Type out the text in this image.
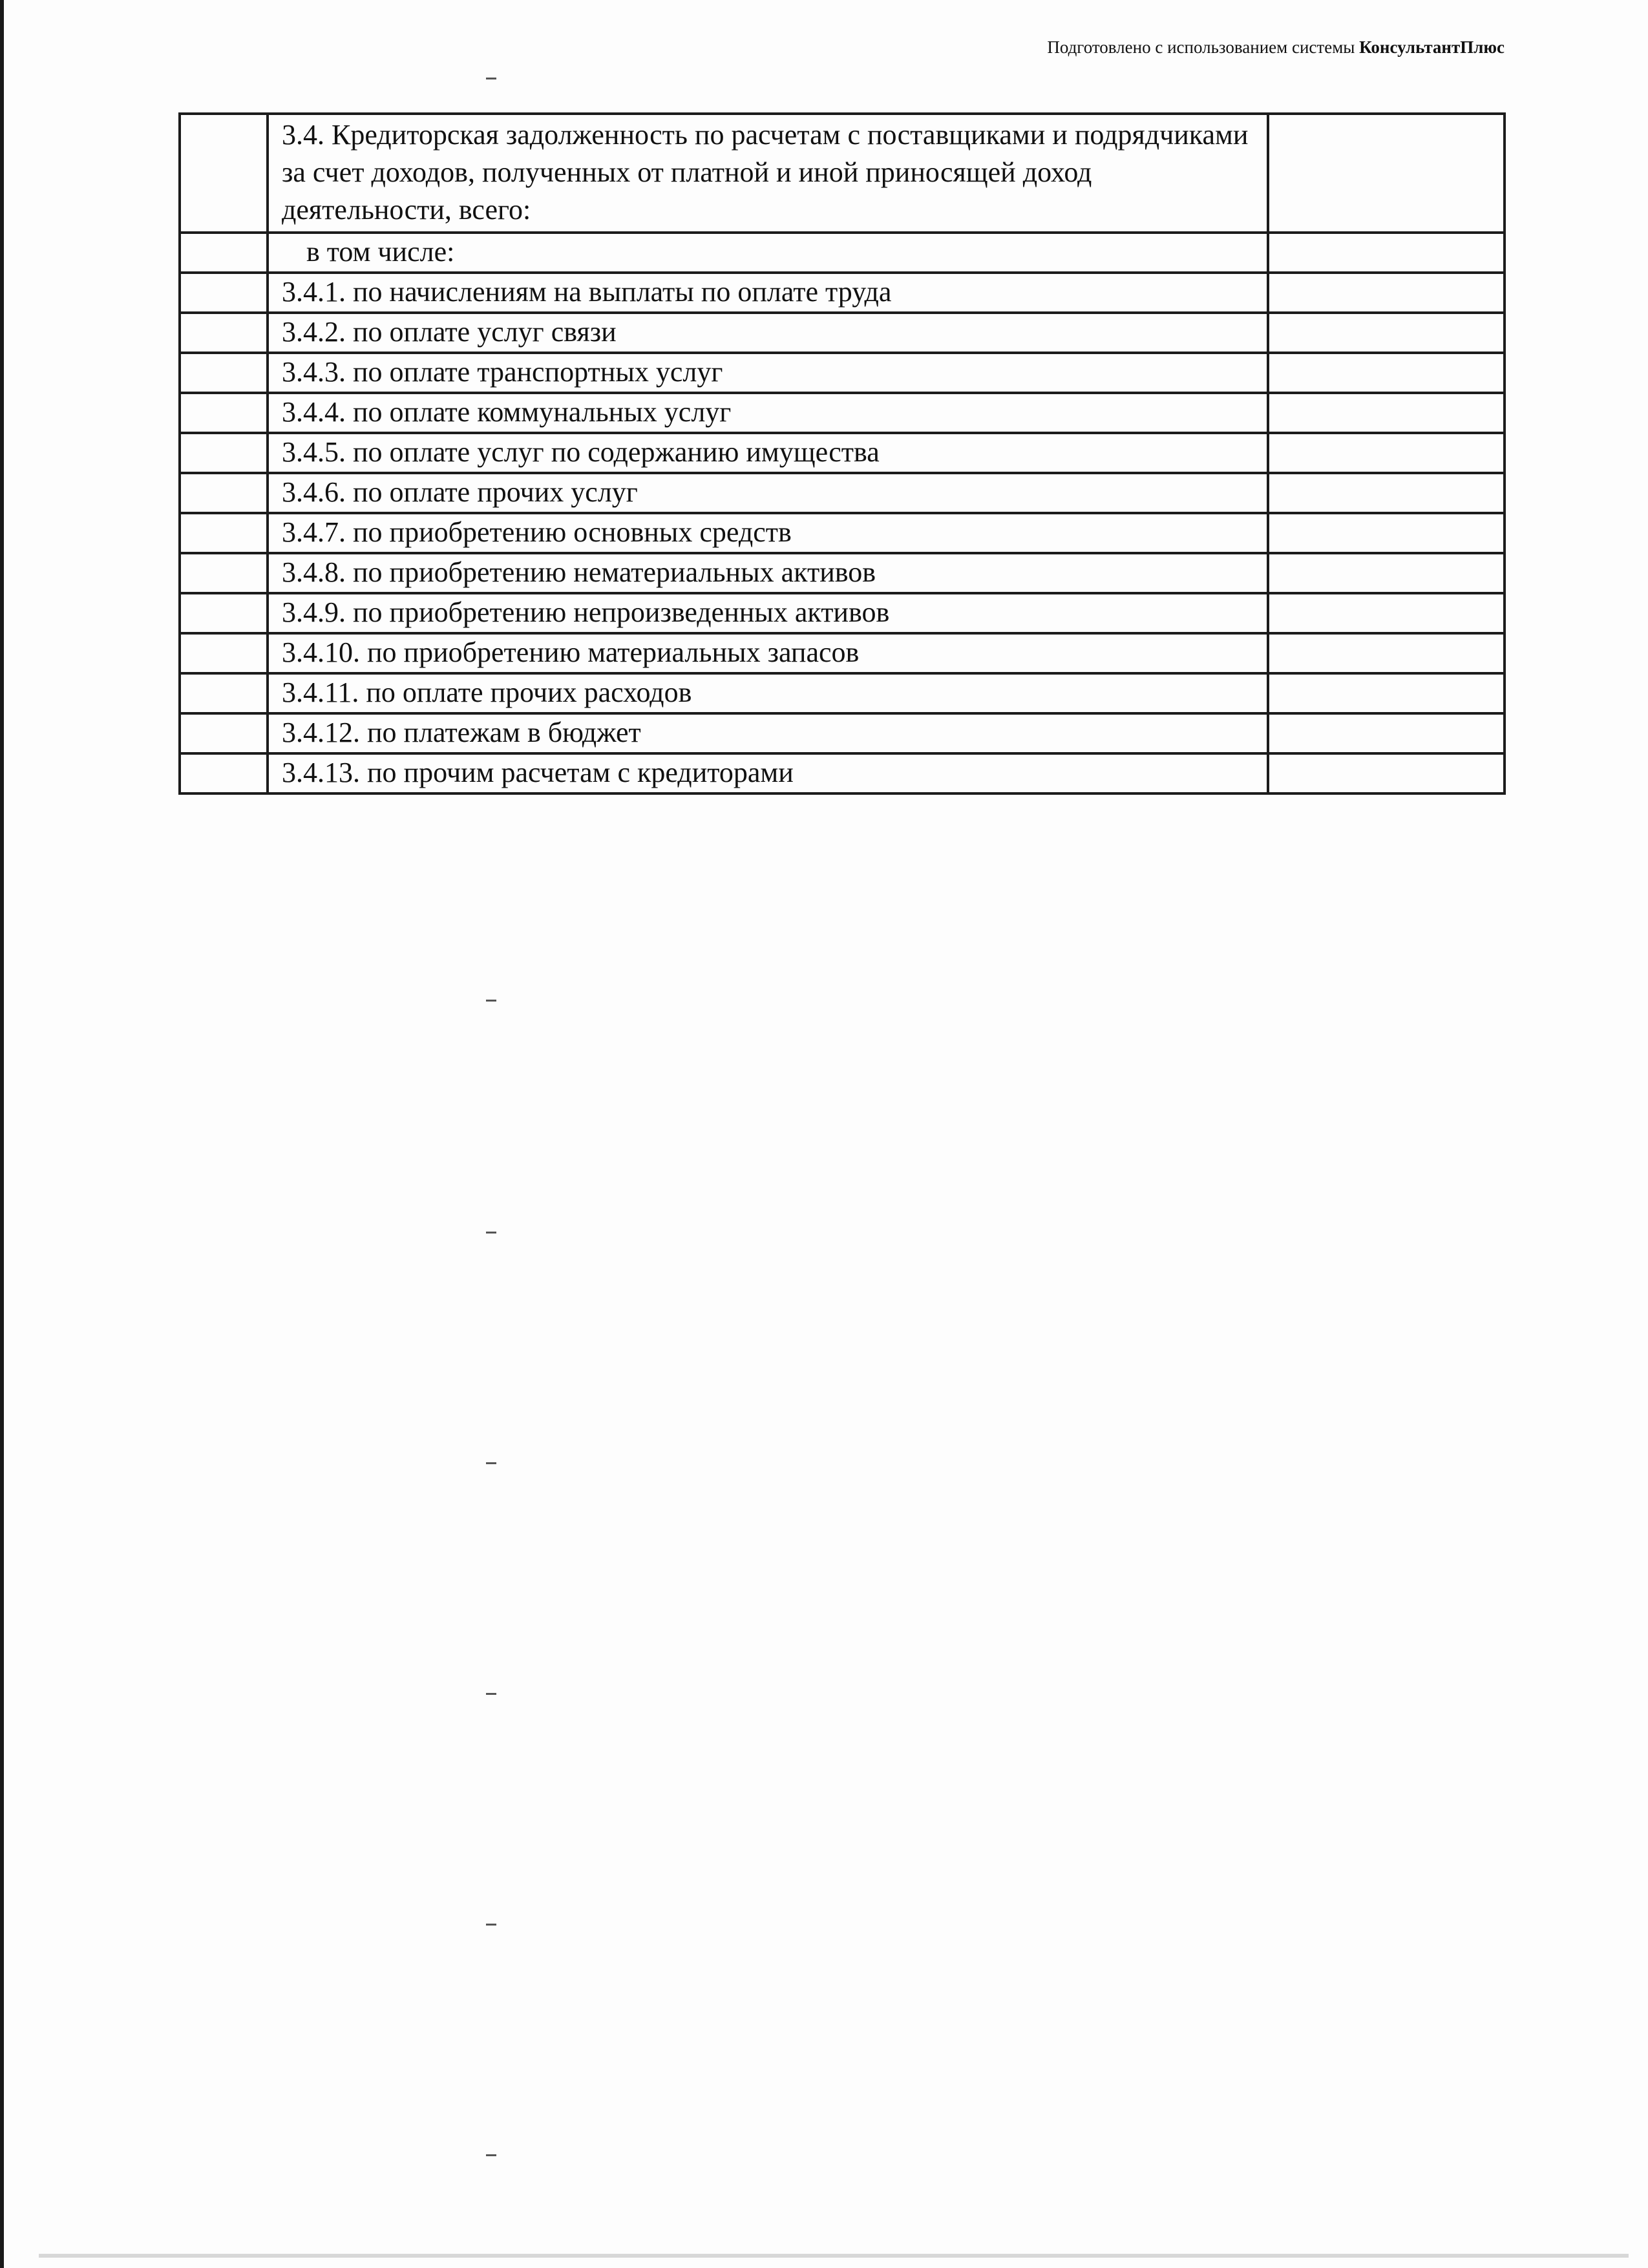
Подготовлено с использованием системы КонсультантПлюс
	3.4. Кредиторская задолженность по расчетам с поставщиками и подрядчиками за счет доходов, полученных от платной и иной приносящей доход деятельности, всего:	
	в том числе:	
	3.4.1. по начислениям на выплаты по оплате труда	
	3.4.2. по оплате услуг связи	
	3.4.3. по оплате транспортных услуг	
	3.4.4. по оплате коммунальных услуг	
	3.4.5. по оплате услуг по содержанию имущества	
	3.4.6. по оплате прочих услуг	
	3.4.7. по приобретению основных средств	
	3.4.8. по приобретению нематериальных активов	
	3.4.9. по приобретению непроизведенных активов	
	3.4.10. по приобретению материальных запасов	
	3.4.11. по оплате прочих расходов	
	3.4.12. по платежам в бюджет	
	3.4.13. по прочим расчетам с кредиторами	
